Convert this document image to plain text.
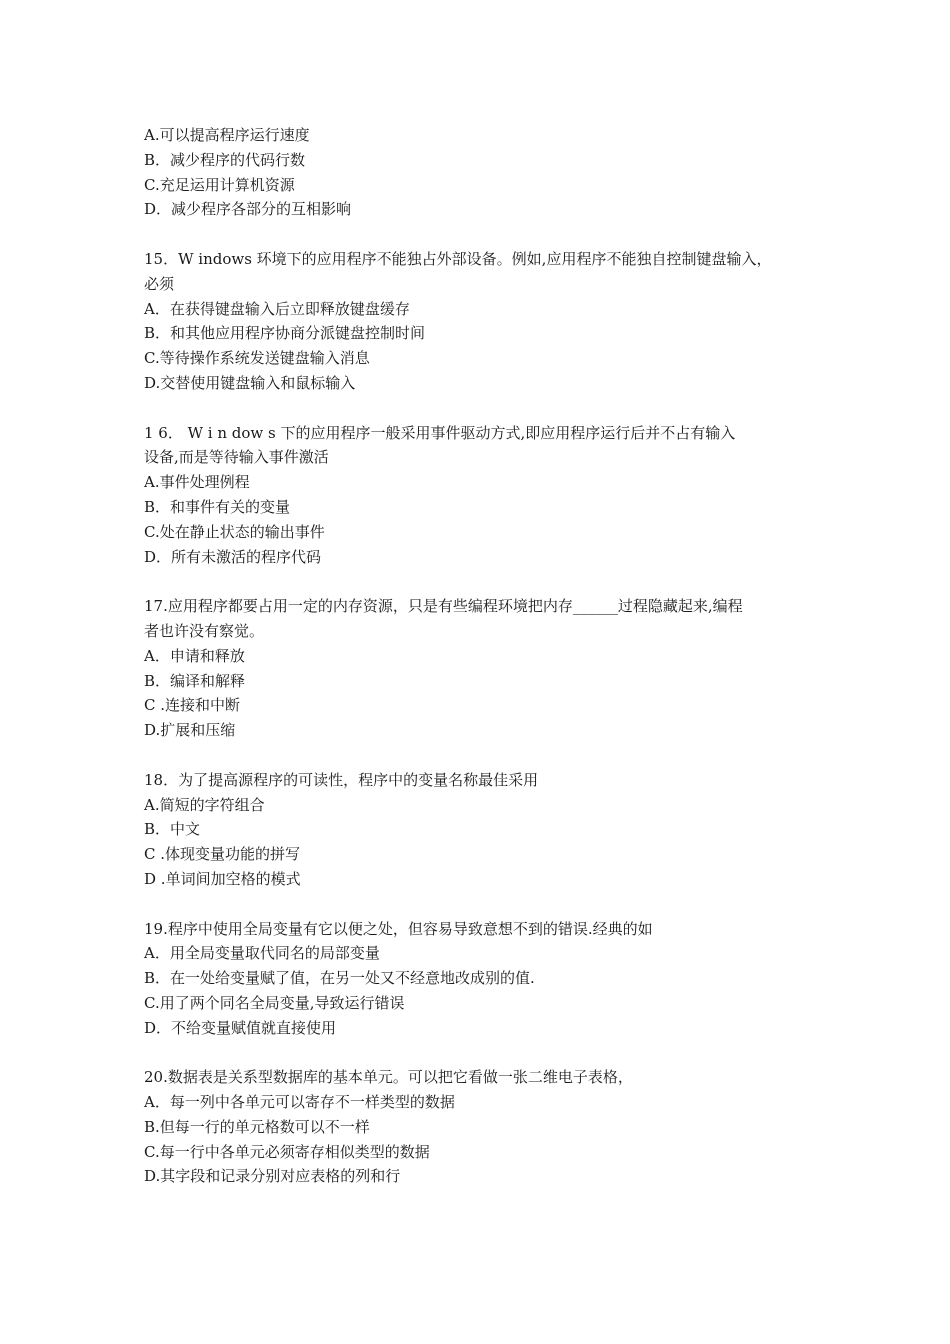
A.可以提高程序运行速度
B．减少程序的代码行数
C.充足运用计算机资源
D．减少程序各部分的互相影响
15．W indows 环境下的应用程序不能独占外部设备。例如,应用程序不能独自控制键盘输入，
必须
A．在获得键盘输入后立即释放键盘缓存
B．和其他应用程序协商分派键盘控制时间
C.等待操作系统发送键盘输入消息
D.交替使用键盘输入和鼠标输入
1 6． W i n dow s 下的应用程序一般采用事件驱动方式,即应用程序运行后并不占有输入
设备,而是等待输入事件激活
A.事件处理例程
B．和事件有关的变量
C.处在静止状态的输出事件
D．所有未激活的程序代码
17.应用程序都要占用一定的内存资源，只是有些编程环境把内存______过程隐藏起来,编程
者也许没有察觉。
A．申请和释放
B．编译和解释
C .连接和中断
D.扩展和压缩
18．为了提高源程序的可读性，程序中的变量名称最佳采用
A.简短的字符组合
B．中文
C .体现变量功能的拼写
D .单词间加空格的模式
19.程序中使用全局变量有它以便之处，但容易导致意想不到的错误.经典的如
A．用全局变量取代同名的局部变量
B．在一处给变量赋了值，在另一处又不经意地改成别的值.
C.用了两个同名全局变量,导致运行错误
D．不给变量赋值就直接使用
20.数据表是关系型数据库的基本单元。可以把它看做一张二维电子表格，
A．每一列中各单元可以寄存不一样类型的数据
B.但每一行的单元格数可以不一样
C.每一行中各单元必须寄存相似类型的数据
D.其字段和记录分别对应表格的列和行
